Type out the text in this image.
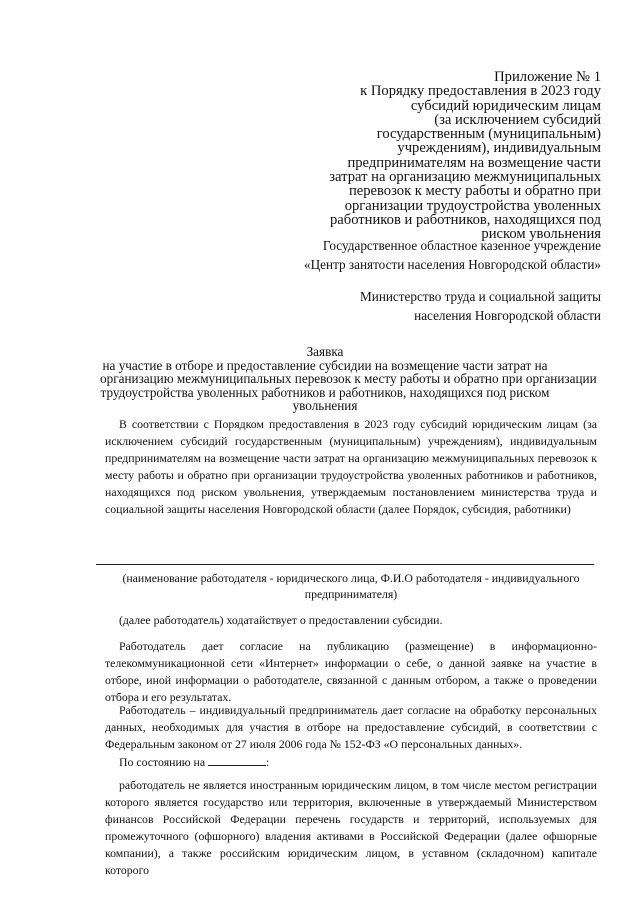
Приложение № 1
к Порядку предоставления в 2023 году
субсидий юридическим лицам
(за исключением субсидий
государственным (муниципальным)
учреждениям), индивидуальным
предпринимателям на возмещение части
затрат на организацию межмуниципальных
перевозок к месту работы и обратно при
организации трудоустройства уволенных
работников и работников, находящихся под
риском увольнения
Государственное областное казенное учреждение
«Центр занятости населения Новгородской области»
Министерство труда и социальной защиты
населения Новгородской области
Заявка
на участие в отборе и предоставление субсидии на возмещение части затрат на
организацию межмуниципальных перевозок к месту работы и обратно при организации
трудоустройства уволенных работников и работников, находящихся под риском
увольнения
В соответствии с Порядком предоставления в 2023 году субсидий юридическим лицам (за исключением субсидий государственным (муниципальным) учреждениям), индивидуальным предпринимателям на возмещение части затрат на организацию межмуниципальных перевозок к месту работы и обратно при организации трудоустройства уволенных работников и работников, находящихся под риском увольнения, утверждаемым постановлением министерства труда и социальной защиты населения Новгородской области (далее Порядок, субсидия, работники)
(наименование работодателя - юридического лица, Ф.И.О работодателя - индивидуального предпринимателя)
(далее работодатель) ходатайствует о предоставлении субсидии.
Работодатель дает согласие на публикацию (размещение) в информационно-телекоммуникационной сети «Интернет» информации о себе, о данной заявке на участие в отборе, иной информации о работодателе, связанной с данным отбором, а также о проведении отбора и его результатах.
Работодатель – индивидуальный предприниматель дает согласие на обработку персональных данных, необходимых для участия в отборе на предоставление субсидий, в соответствии с Федеральным законом от 27 июля 2006 года № 152-ФЗ «О персональных данных».
По состоянию на	:
работодатель не является иностранным юридическим лицом, в том числе местом регистрации которого является государство или территория, включенные в утверждаемый Министерством финансов Российской Федерации перечень государств и территорий, используемых для промежуточного (офшорного) владения активами в Российской Федерации (далее офшорные компании), а также российским юридическим лицом, в уставном (складочном) капитале которого
